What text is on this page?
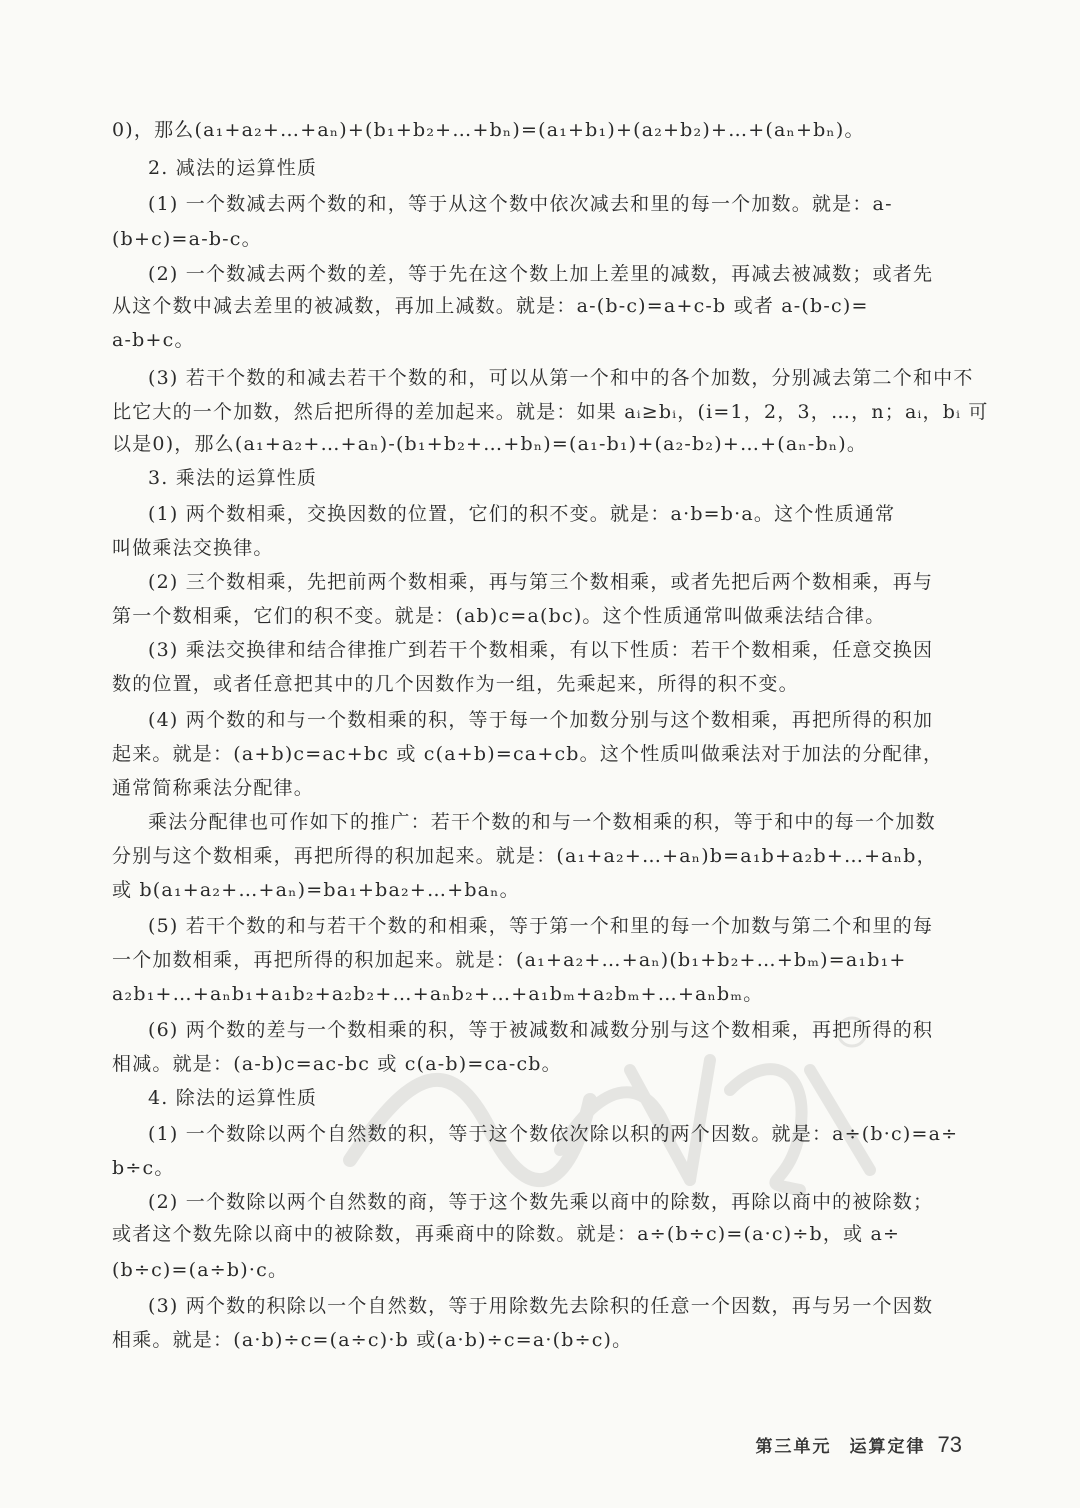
0)，那么(a₁+a₂+…+aₙ)+(b₁+b₂+…+bₙ)=(a₁+b₁)+(a₂+b₂)+…+(aₙ+bₙ)。
2. 减法的运算性质
(1) 一个数减去两个数的和，等于从这个数中依次减去和里的每一个加数。就是：a-
(b+c)=a-b-c。
(2) 一个数减去两个数的差，等于先在这个数上加上差里的减数，再减去被减数；或者先
从这个数中减去差里的被减数，再加上减数。就是：a-(b-c)=a+c-b 或者 a-(b-c)=
a-b+c。
(3) 若干个数的和减去若干个数的和，可以从第一个和中的各个加数，分别减去第二个和中不
比它大的一个加数，然后把所得的差加起来。就是：如果 aᵢ≥bᵢ，(i=1，2，3，…，n；aᵢ，bᵢ 可
以是0)，那么(a₁+a₂+…+aₙ)-(b₁+b₂+…+bₙ)=(a₁-b₁)+(a₂-b₂)+…+(aₙ-bₙ)。
3. 乘法的运算性质
(1) 两个数相乘，交换因数的位置，它们的积不变。就是：a·b=b·a。这个性质通常
叫做乘法交换律。
(2) 三个数相乘，先把前两个数相乘，再与第三个数相乘，或者先把后两个数相乘，再与
第一个数相乘，它们的积不变。就是：(ab)c=a(bc)。这个性质通常叫做乘法结合律。
(3) 乘法交换律和结合律推广到若干个数相乘，有以下性质：若干个数相乘，任意交换因
数的位置，或者任意把其中的几个因数作为一组，先乘起来，所得的积不变。
(4) 两个数的和与一个数相乘的积，等于每一个加数分别与这个数相乘，再把所得的积加
起来。就是：(a+b)c=ac+bc 或 c(a+b)=ca+cb。这个性质叫做乘法对于加法的分配律，
通常简称乘法分配律。
乘法分配律也可作如下的推广：若干个数的和与一个数相乘的积，等于和中的每一个加数
分别与这个数相乘，再把所得的积加起来。就是：(a₁+a₂+…+aₙ)b=a₁b+a₂b+…+aₙb，
或 b(a₁+a₂+…+aₙ)=ba₁+ba₂+…+baₙ。
(5) 若干个数的和与若干个数的和相乘，等于第一个和里的每一个加数与第二个和里的每
一个加数相乘，再把所得的积加起来。就是：(a₁+a₂+…+aₙ)(b₁+b₂+…+bₘ)=a₁b₁+
a₂b₁+…+aₙb₁+a₁b₂+a₂b₂+…+aₙb₂+…+a₁bₘ+a₂bₘ+…+aₙbₘ。
(6) 两个数的差与一个数相乘的积，等于被减数和减数分别与这个数相乘，再把所得的积
相减。就是：(a-b)c=ac-bc 或 c(a-b)=ca-cb。
4. 除法的运算性质
(1) 一个数除以两个自然数的积，等于这个数依次除以积的两个因数。就是：a÷(b·c)=a÷
b÷c。
(2) 一个数除以两个自然数的商，等于这个数先乘以商中的除数，再除以商中的被除数；
或者这个数先除以商中的被除数，再乘商中的除数。就是：a÷(b÷c)=(a·c)÷b，或 a÷
(b÷c)=(a÷b)·c。
(3) 两个数的积除以一个自然数，等于用除数先去除积的任意一个因数，再与另一个因数
相乘。就是：(a·b)÷c=(a÷c)·b 或(a·b)÷c=a·(b÷c)。
第三单元 运算定律 73
